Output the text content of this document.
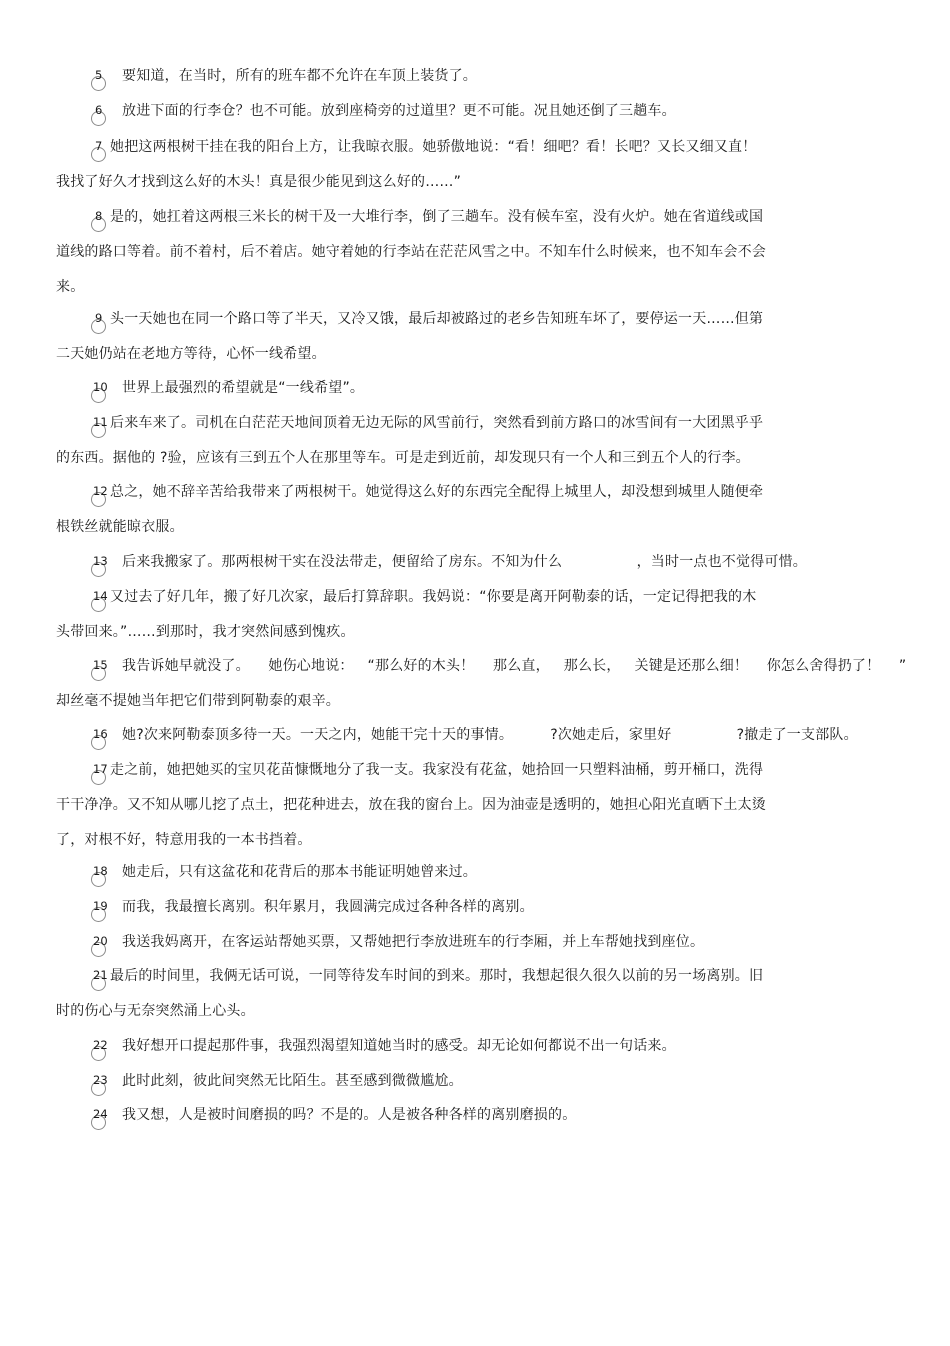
5 要知道，在当时，所有的班车都不允许在车顶上装货了。
6 放进下面的行李仓？也不可能。放到座椅旁的过道里？更不可能。况且她还倒了三趟车。
7 她把这两根树干挂在我的阳台上方，让我晾衣服。她骄傲地说：“看！细吧？看！长吧？又长又细又直！
我找了好久才找到这么好的木头！真是很少能见到这么好的……”
8 是的，她扛着这两根三米长的树干及一大堆行李，倒了三趟车。没有候车室，没有火炉。她在省道线或国
道线的路口等着。前不着村，后不着店。她守着她的行李站在茫茫风雪之中。不知车什么时候来，也不知车会不会
来。
9 头一天她也在同一个路口等了半天，又冷又饿，最后却被路过的老乡告知班车坏了，要停运一天……但第
二天她仍站在老地方等待，心怀一线希望。
10 世界上最强烈的希望就是“一线希望”。
11 后来车来了。司机在白茫茫天地间顶着无边无际的风雪前行，突然看到前方路口的冰雪间有一大团黑乎乎
的东西。据他的 ?验，应该有三到五个人在那里等车。可是走到近前，却发现只有一个人和三到五个人的行李。
12 总之，她不辞辛苦给我带来了两根树干。她觉得这么好的东西完全配得上城里人，却没想到城里人随便牵
根铁丝就能晾衣服。
13 后来我搬家了。那两根树干实在没法带走，便留给了房东。不知为什么                ，当时一点也不觉得可惜。
14 又过去了好几年，搬了好几次家，最后打算辞职。我妈说：“你要是离开阿勒泰的话，一定记得把我的木
头带回来。”……到那时，我才突然间感到愧疚。
15 我告诉她早就没了。    她伤心地说：   “那么好的木头！    那么直，   那么长，   关键是还那么细！    你怎么舍得扔了！    ”
却丝毫不提她当年把它们带到阿勒泰的艰辛。
16 她?次来阿勒泰顶多待一天。一天之内，她能干完十天的事情。        ?次她走后，家里好              ?撤走了一支部队。
17 走之前，她把她买的宝贝花苗慷慨地分了我一支。我家没有花盆，她拾回一只塑料油桶，剪开桶口，洗得
干干净净。又不知从哪儿挖了点土，把花种进去，放在我的窗台上。因为油壶是透明的，她担心阳光直晒下土太烫
了，对根不好，特意用我的一本书挡着。
18 她走后，只有这盆花和花背后的那本书能证明她曾来过。
19 而我，我最擅长离别。积年累月，我圆满完成过各种各样的离别。
20 我送我妈离开，在客运站帮她买票，又帮她把行李放进班车的行李厢，并上车帮她找到座位。
21 最后的时间里，我俩无话可说，一同等待发车时间的到来。那时，我想起很久很久以前的另一场离别。旧
时的伤心与无奈突然涌上心头。
22 我好想开口提起那件事，我强烈渴望知道她当时的感受。却无论如何都说不出一句话来。
23 此时此刻，彼此间突然无比陌生。甚至感到微微尴尬。
24 我又想，人是被时间磨损的吗？不是的。人是被各种各样的离别磨损的。
